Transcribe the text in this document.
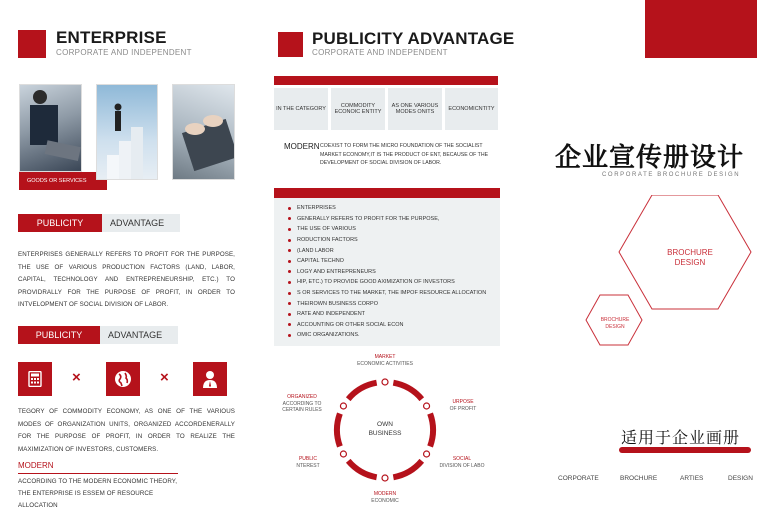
ENTERPRISE
CORPORATE AND INDEPENDENT
GOODS OR SERVICES
PUBLICITY	ADVANTAGE
ENTERPRISES GENERALLY REFERS TO PROFIT FOR THE PURPOSE, THE USE OF VARIOUS PRODUCTION FACTORS (LAND, LABOR, CAPITAL, TECHNOLOGY AND ENTREPRENEURSHIP, ETC.) TO PROVIDRALLY FOR THE PURPOSE OF PROFIT, IN ORDER TO INTVELOPMENT OF SOCIAL DIVISION OF LABOR.
PUBLICITY	ADVANTAGE
×	×
TEGORY OF COMMODITY ECONOMY, AS ONE OF THE VARIOUS MODES OF ORGANIZATION UNITS, ORGANIZED ACCORDENERALLY FOR THE PURPOSE OF PROFIT, IN ORDER TO REALIZE THE MAXIMIZATION OF INVESTORS, CUSTOMERS.
MODERN
ACCORDING TO THE MODERN ECONOMIC THEORY, THE ENTERPRISE IS ESSEM OF RESOURCE ALLOCATION
PUBLICITY ADVANTAGE
CORPORATE AND INDEPENDENT
IN THE CATEGORY	COMMODITY ECONOIC ENTITY
AS ONE VARIOUS MODES ONITS	ECONOMICNTITY
MODERN COEXIST TO FORM THE MICRO FOUNDATION OF THE SOCIALIST MARKET ECONOMY,IT IS THE PRODUCT OF ENT, BECAUSE OF THE DEVELOPMENT OF SOCIAL DIVISION OF LABOR.
ENTERPRISES
GENERALLY REFERS TO PROFIT FOR THE PURPOSE,
THE USE OF VARIOUS
RODUCTION FACTORS
(LAND LABOR
CAPITAL TECHNO
LOGY AND ENTREPRENEURS
HIP, ETC.) TO PROVIDE GOOD AXIMIZATION OF INVESTORS
S OR SERVICES TO THE MARKET, THE IMPOF RESOURCE ALLOCATION
THEIROWN BUSINESS CORPO
RATE AND INDEPENDENT
ACCOUNTING OR OTHER SOCIAL ECON
OMIC ORGANIZATIONS.
OWN
BUSINESS
MARKET
ECONOMIC ACTIVITIES
URPOSE
OF PROFIT
SOCIAL
DIVISION OF LABO
MODERN
ECONOMIC
PUBLIC
NTEREST
ORGANIZED
ACCORDING TO CERTAIN RULES
企业宣传册设计
CORPORATE BROCHURE DESIGN
BROCHURE
DESIGN
BROCHURE
DESIGN
适用于企业画册
CORPORATE	BROCHURE	ARTIES	DESIGN
